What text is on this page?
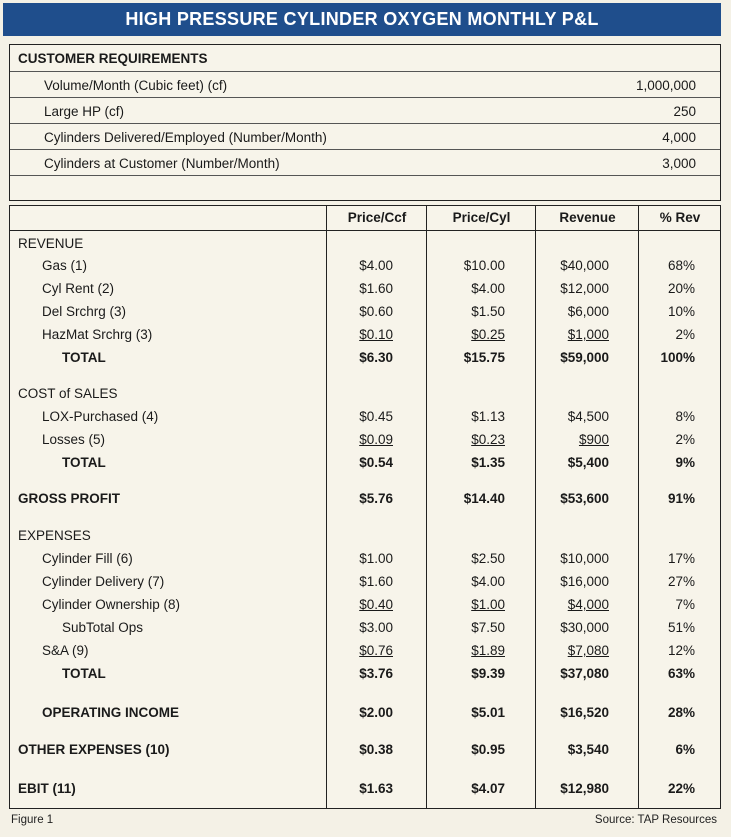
HIGH PRESSURE CYLINDER OXYGEN MONTHLY P&L
CUSTOMER REQUIREMENTS
Volume/Month (Cubic feet) (cf)	1,000,000
Large HP (cf)	250
Cylinders Delivered/Employed (Number/Month)	4,000
Cylinders at Customer (Number/Month)	3,000
Price/Ccf	Price/Cyl	Revenue	% Rev
REVENUE
Gas (1)	$4.00	$10.00	$40,000	68%
Cyl Rent (2)	$1.60	$4.00	$12,000	20%
Del Srchrg (3)	$0.60	$1.50	$6,000	10%
HazMat Srchrg (3)	$0.10	$0.25	$1,000	2%
TOTAL	$6.30	$15.75	$59,000	100%
COST of SALES
LOX-Purchased (4)	$0.45	$1.13	$4,500	8%
Losses (5)	$0.09	$0.23	$900	2%
TOTAL	$0.54	$1.35	$5,400	9%
GROSS PROFIT	$5.76	$14.40	$53,600	91%
EXPENSES
Cylinder Fill (6)	$1.00	$2.50	$10,000	17%
Cylinder Delivery (7)	$1.60	$4.00	$16,000	27%
Cylinder Ownership (8)	$0.40	$1.00	$4,000	7%
SubTotal Ops	$3.00	$7.50	$30,000	51%
S&A (9)	$0.76	$1.89	$7,080	12%
TOTAL	$3.76	$9.39	$37,080	63%
OPERATING INCOME	$2.00	$5.01	$16,520	28%
OTHER EXPENSES (10)	$0.38	$0.95	$3,540	6%
EBIT (11)	$1.63	$4.07	$12,980	22%
Figure 1	Source: TAP Resources
